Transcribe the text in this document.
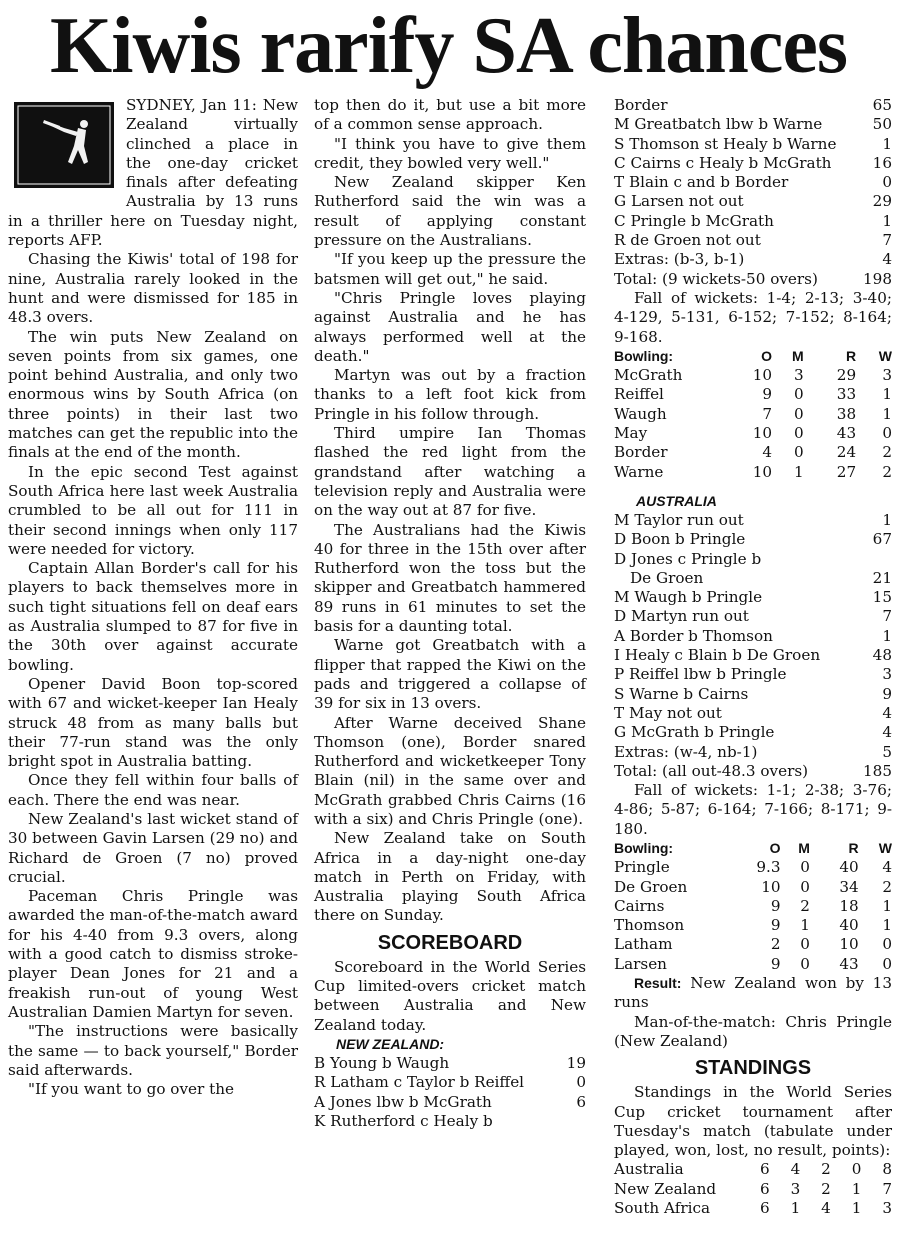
Kiwis rarify SA chances

SYDNEY, Jan 11: New Zealand virtually clinched a place in the one-day cricket finals after defeating Australia by 13 runs in a thriller here on Tuesday night, reports AFP.

Chasing the Kiwis' total of 198 for nine, Australia rarely looked in the hunt and were dismissed for 185 in 48.3 overs.

The win puts New Zealand on seven points from six games, one point behind Australia, and only two enormous wins by South Africa (on three points) in their last two matches can get the republic into the finals at the end of the month.

In the epic second Test against South Africa here last week Australia crumbled to be all out for 111 in their second innings when only 117 were needed for victory.

Captain Allan Border's call for his players to back themselves more in such tight situations fell on deaf ears as Australia slumped to 87 for five in the 30th over against accurate bowling.

Opener David Boon top-scored with 67 and wicket-keeper Ian Healy struck 48 from as many balls but their 77-run stand was the only bright spot in Australia batting.

Once they fell within four balls of each. There the end was near.

New Zealand's last wicket stand of 30 between Gavin Larsen (29 no) and Richard de Groen (7 no) proved crucial.

Paceman Chris Pringle was awarded the man-of-the-match award for his 4-40 from 9.3 overs, along with a good catch to dismiss stroke-player Dean Jones for 21 and a freakish run-out of young West Australian Damien Martyn for seven.

"The instructions were basically the same — to back yourself," Border said afterwards.

"If you want to go over the

top then do it, but use a bit more of a common sense approach.

"I think you have to give them credit, they bowled very well."

New Zealand skipper Ken Rutherford said the win was a result of applying constant pressure on the Australians.

"If you keep up the pressure the batsmen will get out," he said.

"Chris Pringle loves playing against Australia and he has always performed well at the death."

Martyn was out by a fraction thanks to a left foot kick from Pringle in his follow through.

Third umpire Ian Thomas flashed the red light from the grandstand after watching a television reply and Australia were on the way out at 87 for five.

The Australians had the Kiwis 40 for three in the 15th over after Rutherford won the toss but the skipper and Greatbatch hammered 89 runs in 61 minutes to set the basis for a daunting total.

Warne got Greatbatch with a flipper that rapped the Kiwi on the pads and triggered a collapse of 39 for six in 13 overs.

After Warne deceived Shane Thomson (one), Border snared Rutherford and wicketkeeper Tony Blain (nil) in the same over and McGrath grabbed Chris Cairns (16 with a six) and Chris Pringle (one).

New Zealand take on South Africa in a day-night one-day match in Perth on Friday, with Australia playing South Africa there on Sunday.

SCOREBOARD

Scoreboard in the World Series Cup limited-overs cricket match between Australia and New Zealand today.

NEW ZEALAND:
B Young b Waugh	19
R Latham c Taylor b Reiffel	0
A Jones lbw b McGrath	6
K Rutherford c Healy b
Border	65
M Greatbatch lbw b Warne	50
S Thomson st Healy b Warne	1
C Cairns c Healy b McGrath	16
T Blain c and b Border	0
G Larsen not out	29
C Pringle b McGrath	1
R de Groen not out	7
Extras: (b-3, b-1)	4
Total: (9 wickets-50 overs)	198

Fall of wickets: 1-4; 2-13; 3-40; 4-129, 5-131, 6-152; 7-152; 8-164; 9-168.

Bowling:	O	M	R	W
McGrath	10	3	29	3
Reiffel	9	0	33	1
Waugh	7	0	38	1
May	10	0	43	0
Border	4	0	24	2
Warne	10	1	27	2
AUSTRALIA
M Taylor run out	1
D Boon b Pringle	67
D Jones c Pringle b
De Groen	21
M Waugh b Pringle	15
D Martyn run out	7
A Border b Thomson	1
I Healy c Blain b De Groen	48
P Reiffel lbw b Pringle	3
S Warne b Cairns	9
T May not out	4
G McGrath b Pringle	4
Extras: (w-4, nb-1)	5
Total: (all out-48.3 overs)	185

Fall of wickets: 1-1; 2-38; 3-76; 4-86; 5-87; 6-164; 7-166; 8-171; 9-180.

Bowling:	O	M	R	W
Pringle	9.3	0	40	4
De Groen	10	0	34	2
Cairns	9	2	18	1
Thomson	9	1	40	1
Latham	2	0	10	0
Larsen	9	0	43	0

Result: New Zealand won by 13 runs

Man-of-the-match: Chris Pringle (New Zealand)

STANDINGS

Standings in the World Series Cup cricket tournament after Tuesday's match (tabulate under played, won, lost, no result, points):

Australia	6	4	2	0	8
New Zealand	6	3	2	1	7
South Africa	6	1	4	1	3
